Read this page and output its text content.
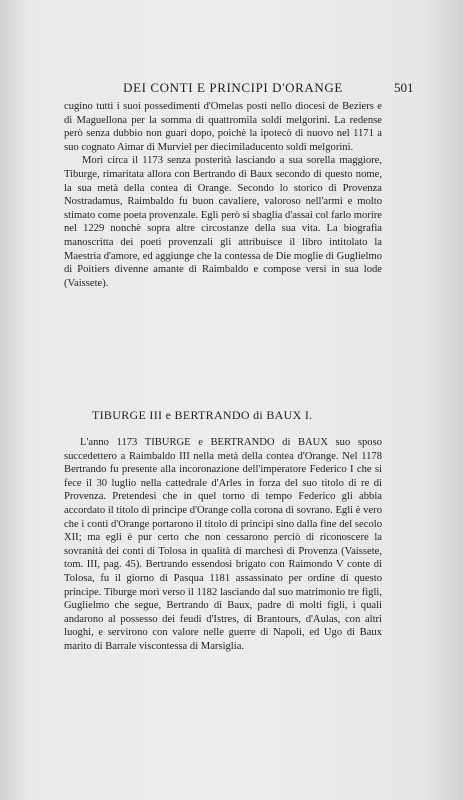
DEI CONTI E PRINCIPI D'ORANGE	501

cugino tutti i suoi possedimenti d'Omelas posti nello diocesi de Beziers e di Maguellona per la somma di quattromila soldi melgorini. La redense però senza dubbio non guari dopo, poichè la ipotecò di nuovo nel 1171 a suo cognato Aimar di Murviel per diecimiladucento soldi melgorini.

Morì circa il 1173 senza posterità lasciando a sua sorella maggiore, Tiburge, rimaritata allora con Bertrando di Baux secondo di questo nome, la sua metà della contea di Orange. Secondo lo storico di Provenza Nostradamus, Raimbaldo fu buon cavaliere, valoroso nell'armi e molto stimato come poeta provenzale. Egli però si sbaglia d'assai col farlo morire nel 1229 nonchè sopra altre circostanze della sua vita. La biografia manoscritta dei poeti provenzali gli attribuisce il libro intitolato la Maestria d'amore, ed aggiunge che la contessa de Die moglie di Guglielmo di Poitiers divenne amante di Raimbaldo e compose versi in sua lode (Vaissete).

TIBURGE III e BERTRANDO di BAUX I.

L'anno 1173 TIBURGE e BERTRANDO di BAUX suo sposo succedettero a Raimbaldo III nella metà della contea d'Orange. Nel 1178 Bertrando fu presente alla incoronazione dell'imperatore Federico I che si fece il 30 luglio nella cattedrale d'Arles in forza del suo titolo di re di Provenza. Pretendesi che in quel torno di tempo Federico gli abbia accordato il titolo di principe d'Orange colla corona di sovrano. Egli è vero che i conti d'Orange portarono il titolo di principi sino dalla fine del secolo XII; ma egli è pur certo che non cessarono perciò di riconoscere la sovranità dei conti di Tolosa in qualità di marchesi di Provenza (Vaissete, tom. III, pag. 45). Bertrando essendosi brigato con Raimondo V conte di Tolosa, fu il giorno di Pasqua 1181 assassinato per ordine di questo principe. Tiburge morì verso il 1182 lasciando dal suo matrimonio tre figli, Guglielmo che segue, Bertrando di Baux, padre di molti figli, i quali andarono al possesso dei feudi d'Istres, di Brantours, d'Aulas, con altri luoghi, e servirono con valore nelle guerre di Napoli, ed Ugo di Baux marito di Barrale viscontessa di Marsiglia.
